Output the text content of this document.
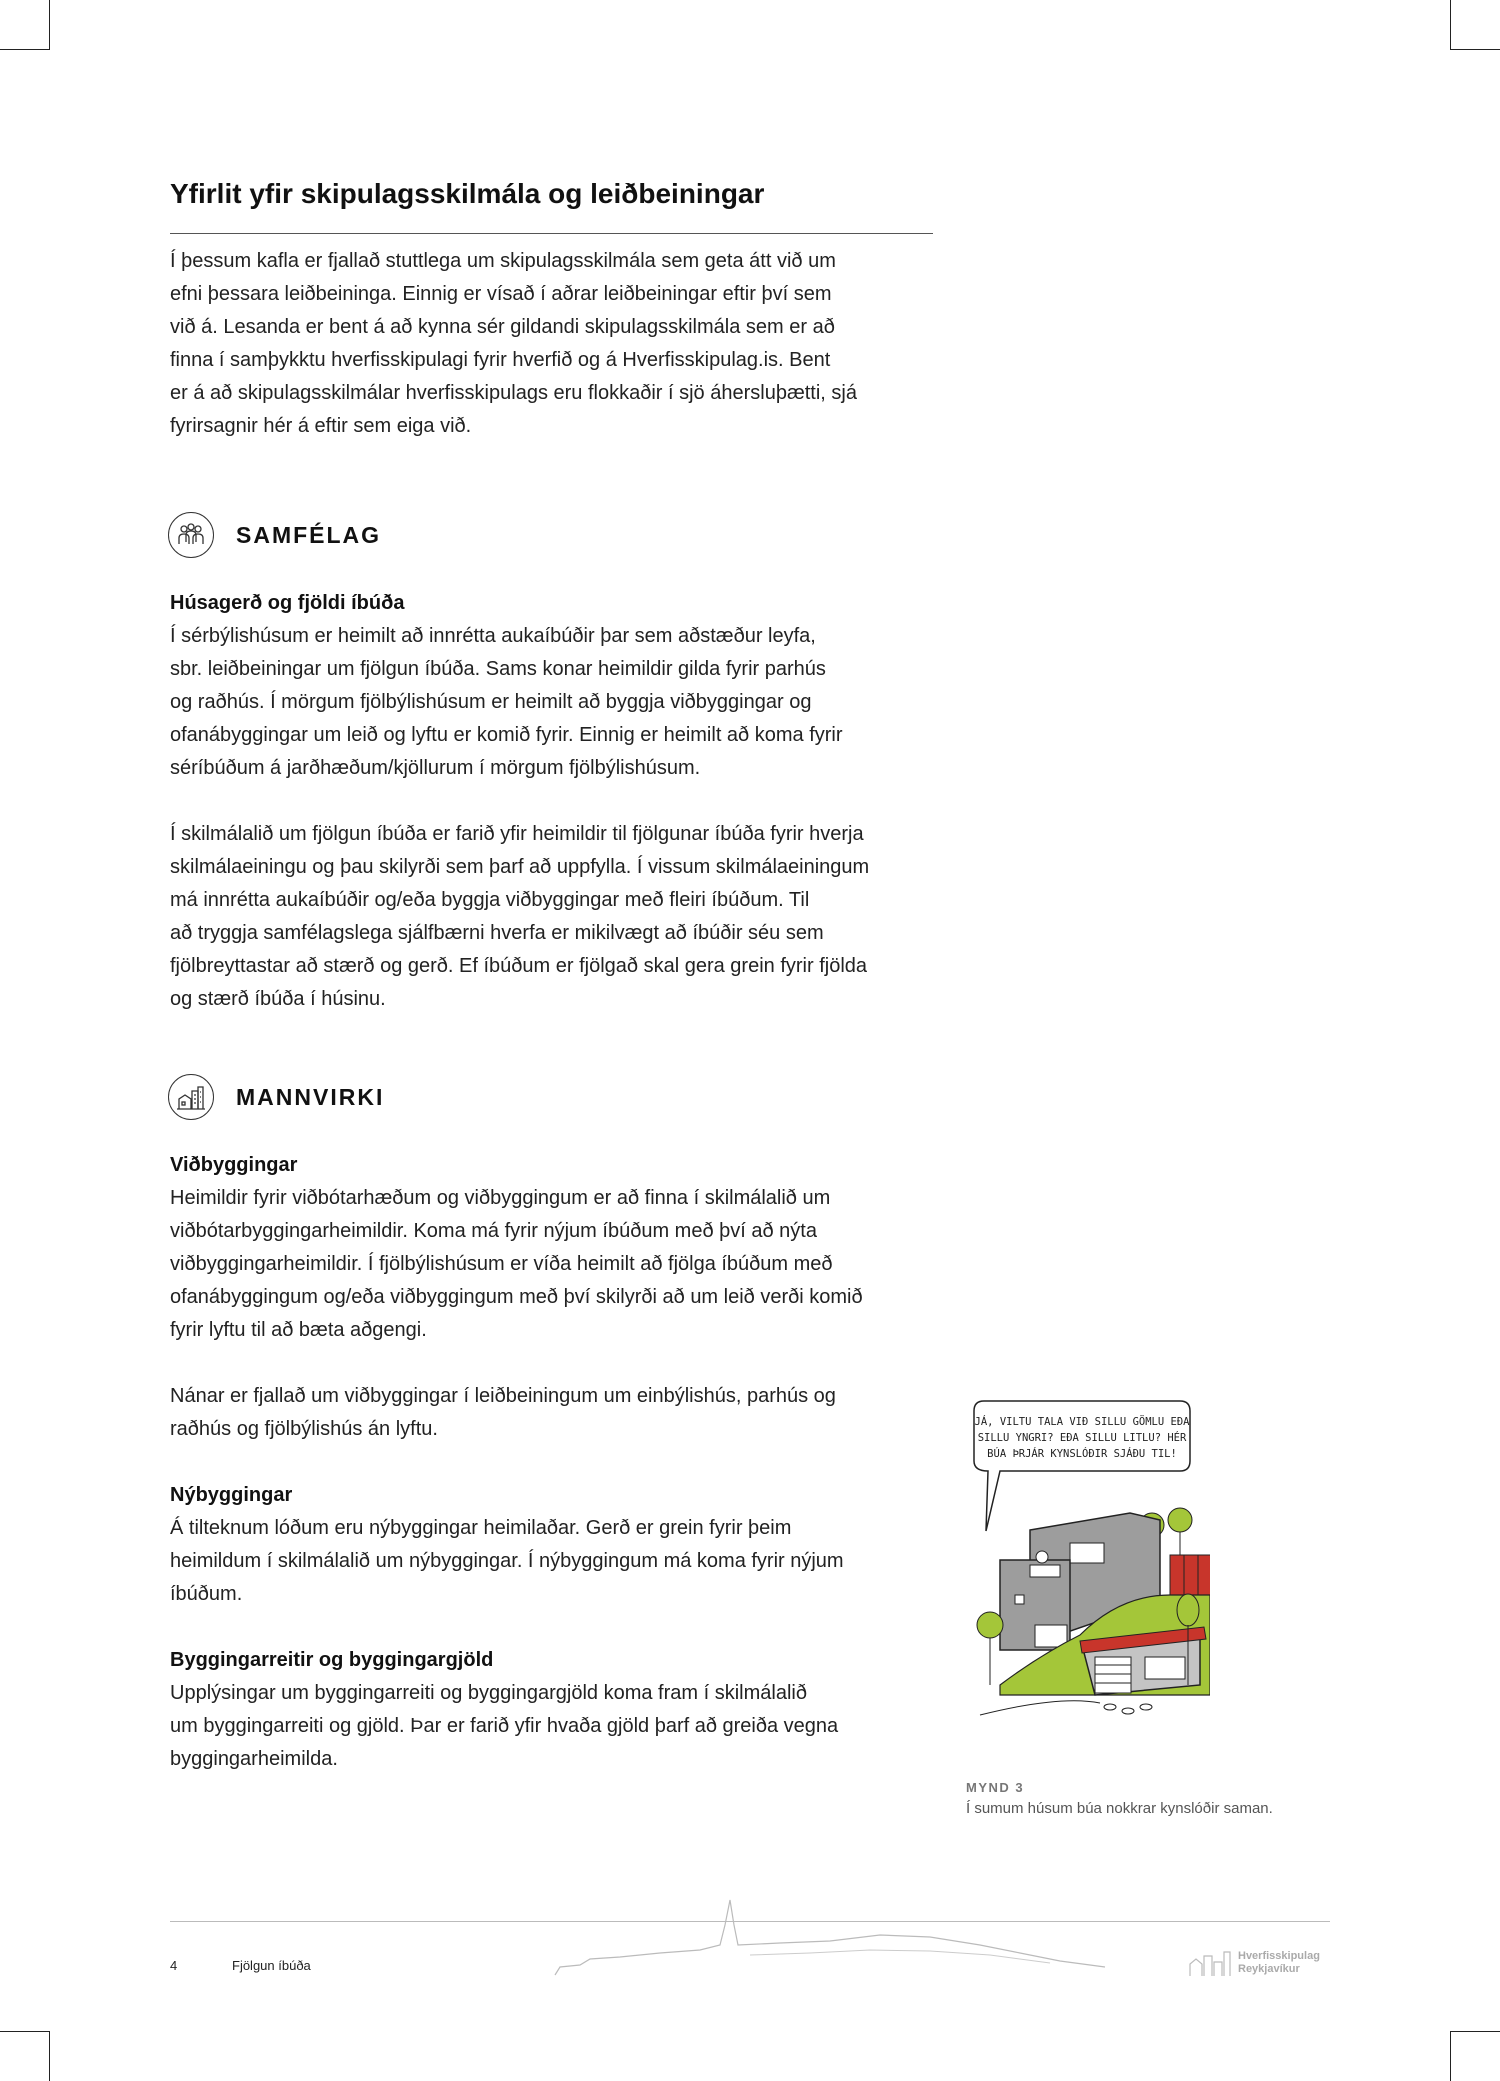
Yfirlit yfir skipulagsskilmála og leiðbeiningar

Í þessum kafla er fjallað stuttlega um skipulagsskilmála sem geta átt við um
efni þessara leiðbeininga. Einnig er vísað í aðrar leiðbeiningar eftir því sem
við á. Lesanda er bent á að kynna sér gildandi skipulagsskilmála sem er að
finna í samþykktu hverfisskipulagi fyrir hverfið og á Hverfisskipulag.is. Bent
er á að skipulagsskilmálar hverfisskipulags eru flokkaðir í sjö áhersluþætti, sjá
fyrirsagnir hér á eftir sem eiga við.

SAMFÉLAG

Húsagerð og fjöldi íbúða

Í sérbýlishúsum er heimilt að innrétta aukaíbúðir þar sem aðstæður leyfa,
sbr. leiðbeiningar um fjölgun íbúða. Sams konar heimildir gilda fyrir parhús
og raðhús. Í mörgum fjölbýlishúsum er heimilt að byggja viðbyggingar og
ofanábyggingar um leið og lyftu er komið fyrir. Einnig er heimilt að koma fyrir
séríbúðum á jarðhæðum/kjöllurum í mörgum fjölbýlishúsum.

Í skilmálalið um fjölgun íbúða er farið yfir heimildir til fjölgunar íbúða fyrir hverja
skilmálaeiningu og þau skilyrði sem þarf að uppfylla. Í vissum skilmálaeiningum
má innrétta aukaíbúðir og/eða byggja viðbyggingar með fleiri íbúðum. Til
að tryggja samfélagslega sjálfbærni hverfa er mikilvægt að íbúðir séu sem
fjölbreyttastar að stærð og gerð. Ef íbúðum er fjölgað skal gera grein fyrir fjölda
og stærð íbúða í húsinu.

MANNVIRKI

Viðbyggingar

Heimildir fyrir viðbótarhæðum og viðbyggingum er að finna í skilmálalið um
viðbótarbyggingarheimildir. Koma má fyrir nýjum íbúðum með því að nýta
viðbyggingarheimildir. Í fjölbýlishúsum er víða heimilt að fjölga íbúðum með
ofanábyggingum og/eða viðbyggingum með því skilyrði að um leið verði komið
fyrir lyftu til að bæta aðgengi.

Nánar er fjallað um viðbyggingar í leiðbeiningum um einbýlishús, parhús og
raðhús og fjölbýlishús án lyftu.

Nýbyggingar

Á tilteknum lóðum eru nýbyggingar heimilaðar. Gerð er grein fyrir þeim
heimildum í skilmálalið um nýbyggingar. Í nýbyggingum má koma fyrir nýjum
íbúðum.

Byggingarreitir og byggingargjöld

Upplýsingar um byggingarreiti og byggingargjöld koma fram í skilmálalið
um byggingarreiti og gjöld. Þar er farið yfir hvaða gjöld þarf að greiða vegna
byggingarheimilda.

JÁ, VILTU TALA VIÐ SILLU GÖMLU EÐA
SILLU YNGRI? EÐA SILLU LITLU? HÉR
BÚA ÞRJÁR KYNSLÓÐIR SJÁÐU TIL!
MYND 3
Í sumum húsum búa nokkrar kynslóðir saman.
4	Fjölgun íbúða
Hverfisskipulag
Reykjavíkur
